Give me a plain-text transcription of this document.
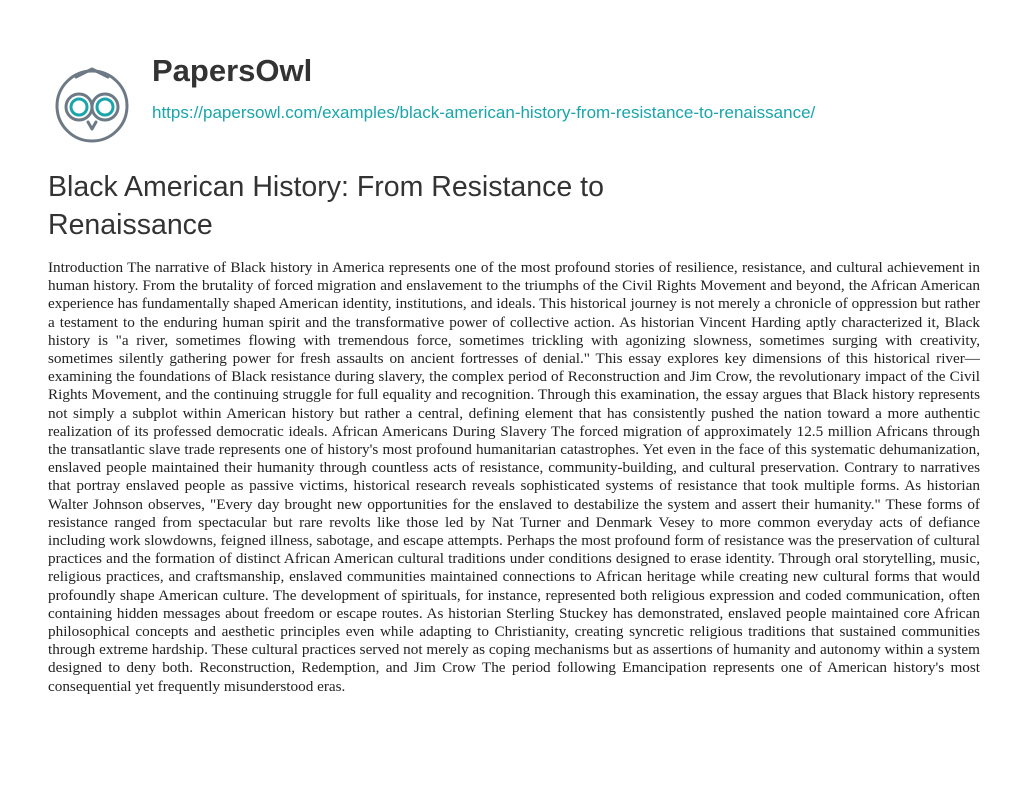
PapersOwl
https://papersowl.com/examples/black-american-history-from-resistance-to-renaissance/
Black American History: From Resistance to Renaissance

Introduction The narrative of Black history in America represents one of the most profound stories of resilience, resistance, and cultural achievement in human history. From the brutality of forced migration and enslavement to the triumphs of the Civil Rights Movement and beyond, the African American experience has fundamentally shaped American identity, institutions, and ideals. This historical journey is not merely a chronicle of oppression but rather a testament to the enduring human spirit and the transformative power of collective action. As historian Vincent Harding aptly characterized it, Black history is "a river, sometimes flowing with tremendous force, sometimes trickling with agonizing slowness, sometimes surging with creativity, sometimes silently gathering power for fresh assaults on ancient fortresses of denial." This essay explores key dimensions of this historical river—examining the foundations of Black resistance during slavery, the complex period of Reconstruction and Jim Crow, the revolutionary impact of the Civil Rights Movement, and the continuing struggle for full equality and recognition. Through this examination, the essay argues that Black history represents not simply a subplot within American history but rather a central, defining element that has consistently pushed the nation toward a more authentic realization of its professed democratic ideals. African Americans During Slavery The forced migration of approximately 12.5 million Africans through the transatlantic slave trade represents one of history's most profound humanitarian catastrophes. Yet even in the face of this systematic dehumanization, enslaved people maintained their humanity through countless acts of resistance, community-building, and cultural preservation. Contrary to narratives that portray enslaved people as passive victims, historical research reveals sophisticated systems of resistance that took multiple forms. As historian Walter Johnson observes, "Every day brought new opportunities for the enslaved to destabilize the system and assert their humanity." These forms of resistance ranged from spectacular but rare revolts like those led by Nat Turner and Denmark Vesey to more common everyday acts of defiance including work slowdowns, feigned illness, sabotage, and escape attempts. Perhaps the most profound form of resistance was the preservation of cultural practices and the formation of distinct African American cultural traditions under conditions designed to erase identity. Through oral storytelling, music, religious practices, and craftsmanship, enslaved communities maintained connections to African heritage while creating new cultural forms that would profoundly shape American culture. The development of spirituals, for instance, represented both religious expression and coded communication, often containing hidden messages about freedom or escape routes. As historian Sterling Stuckey has demonstrated, enslaved people maintained core African philosophical concepts and aesthetic principles even while adapting to Christianity, creating syncretic religious traditions that sustained communities through extreme hardship. These cultural practices served not merely as coping mechanisms but as assertions of humanity and autonomy within a system designed to deny both. Reconstruction, Redemption, and Jim Crow The period following Emancipation represents one of American history's most consequential yet frequently misunderstood eras.
